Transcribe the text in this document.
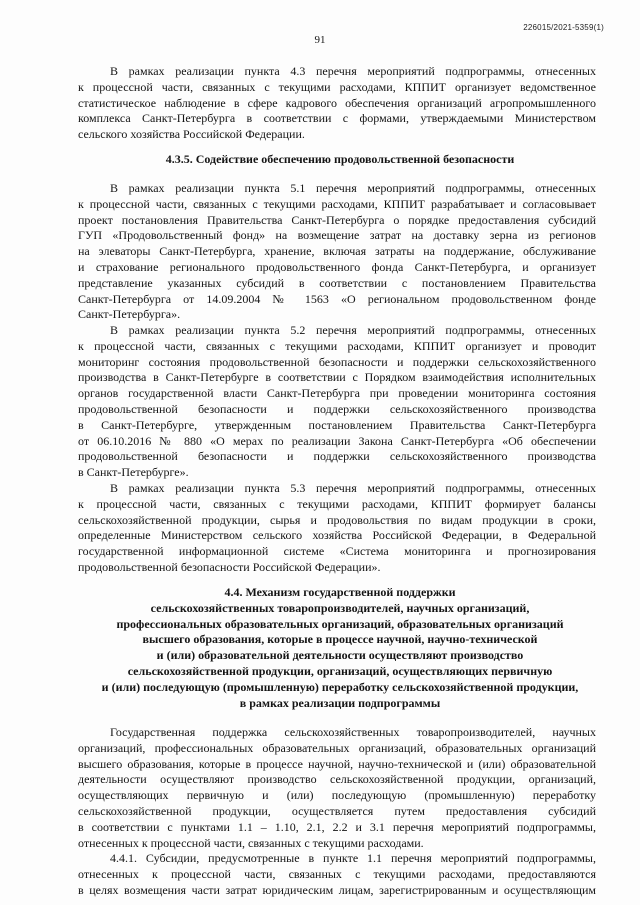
226015/2021-5359(1)
91
В рамках реализации пункта 4.3 перечня мероприятий подпрограммы, отнесенных
к процессной части, связанных с текущими расходами, КППИТ организует ведомственное
статистическое наблюдение в сфере кадрового обеспечения организаций агропромышленного
комплекса Санкт-Петербурга в соответствии с формами, утверждаемыми Министерством
сельского хозяйства Российской Федерации.
4.3.5. Содействие обеспечению продовольственной безопасности
В рамках реализации пункта 5.1 перечня мероприятий подпрограммы, отнесенных
к процессной части, связанных с текущими расходами, КППИТ разрабатывает и согласовывает
проект постановления Правительства Санкт-Петербурга о порядке предоставления субсидий
ГУП «Продовольственный фонд» на возмещение затрат на доставку зерна из регионов
на элеваторы Санкт-Петербурга, хранение, включая затраты на поддержание, обслуживание
и страхование регионального продовольственного фонда Санкт-Петербурга, и организует
представление указанных субсидий в соответствии с постановлением Правительства
Санкт-Петербурга от 14.09.2004 № 1563 «О региональном продовольственном фонде
Санкт-Петербурга».
В рамках реализации пункта 5.2 перечня мероприятий подпрограммы, отнесенных
к процессной части, связанных с текущими расходами, КППИТ организует и проводит
мониторинг состояния продовольственной безопасности и поддержки сельскохозяйственного
производства в Санкт-Петербурге в соответствии с Порядком взаимодействия исполнительных
органов государственной власти Санкт-Петербурга при проведении мониторинга состояния
продовольственной безопасности и поддержки сельскохозяйственного производства
в Санкт-Петербурге, утвержденным постановлением Правительства Санкт-Петербурга
от 06.10.2016 № 880 «О мерах по реализации Закона Санкт-Петербурга «Об обеспечении
продовольственной безопасности и поддержки сельскохозяйственного производства
в Санкт-Петербурге».
В рамках реализации пункта 5.3 перечня мероприятий подпрограммы, отнесенных
к процессной части, связанных с текущими расходами, КППИТ формирует балансы
сельскохозяйственной продукции, сырья и продовольствия по видам продукции в сроки,
определенные Министерством сельского хозяйства Российской Федерации, в Федеральной
государственной информационной системе «Система мониторинга и прогнозирования
продовольственной безопасности Российской Федерации».
4.4. Механизм государственной поддержки
сельскохозяйственных товаропроизводителей, научных организаций,
профессиональных образовательных организаций, образовательных организаций
высшего образования, которые в процессе научной, научно-технической
и (или) образовательной деятельности осуществляют производство
сельскохозяйственной продукции, организаций, осуществляющих первичную
и (или) последующую (промышленную) переработку сельскохозяйственной продукции,
в рамках реализации подпрограммы
Государственная поддержка сельскохозяйственных товаропроизводителей, научных
организаций, профессиональных образовательных организаций, образовательных организаций
высшего образования, которые в процессе научной, научно-технической и (или) образовательной
деятельности осуществляют производство сельскохозяйственной продукции, организаций,
осуществляющих первичную и (или) последующую (промышленную) переработку
сельскохозяйственной продукции, осуществляется путем предоставления субсидий
в соответствии с пунктами 1.1 – 1.10, 2.1, 2.2 и 3.1 перечня мероприятий подпрограммы,
отнесенных к процессной части, связанных с текущими расходами.
4.4.1. Субсидии, предусмотренные в пункте 1.1 перечня мероприятий подпрограммы,
отнесенных к процессной части, связанных с текущими расходами, предоставляются
в целях возмещения части затрат юридическим лицам, зарегистрированным и осуществляющим
